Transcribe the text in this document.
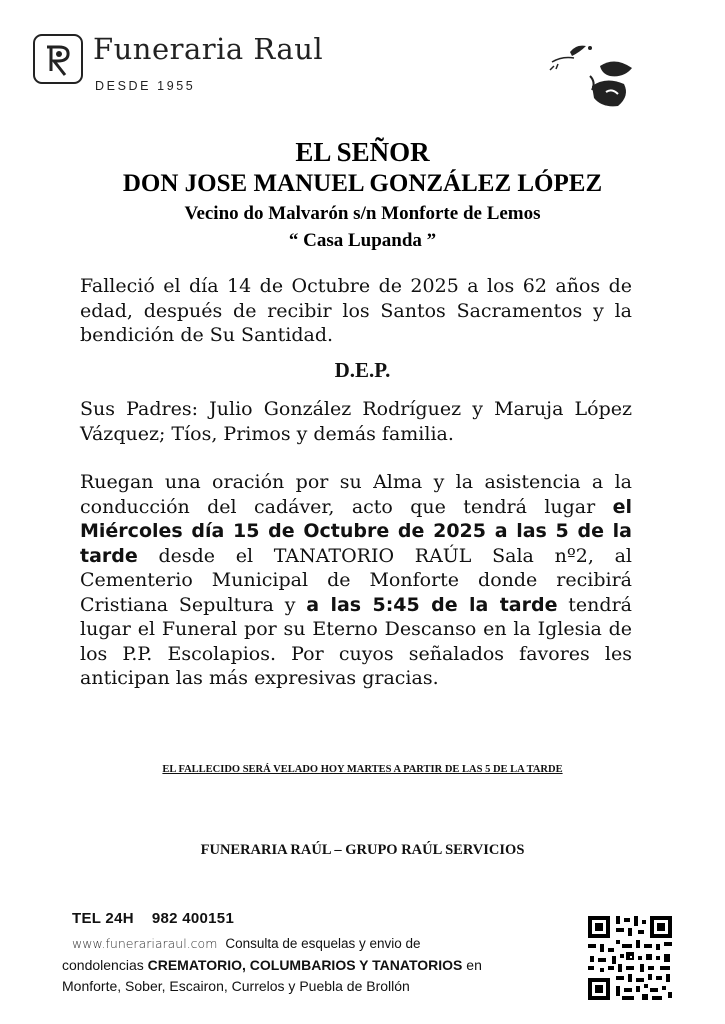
Funeraria Raul
DESDE 1955
EL SEÑOR
DON JOSE MANUEL GONZÁLEZ LÓPEZ
Vecino do Malvarón s/n Monforte de Lemos
“ Casa Lupanda ”
Falleció el día 14 de Octubre de 2025 a los 62 años de edad, después de recibir los Santos Sacramentos y la bendición de Su Santidad.
D.E.P.
Sus Padres: Julio González Rodríguez y Maruja López Vázquez; Tíos, Primos y demás familia.
Ruegan una oración por su Alma y la asistencia a la conducción del cadáver, acto que tendrá lugar el Miércoles día 15 de Octubre de 2025 a las 5 de la tarde desde el TANATORIO RAÚL Sala nº2, al Cementerio Municipal de Monforte donde recibirá Cristiana Sepultura y a las 5:45 de la tarde tendrá lugar el Funeral por su Eterno Descanso en la Iglesia de los P.P. Escolapios. Por cuyos señalados favores les anticipan las más expresivas gracias.
EL FALLECIDO SERÁ VELADO HOY MARTES A PARTIR DE LAS 5 DE LA TARDE
FUNERARIA RAÚL – GRUPO RAÚL SERVICIOS
TEL 24H 982 400151
www.funerariaraul.com Consulta de esquelas y envio de
condolencias CREMATORIO, COLUMBARIOS Y TANATORIOS en
Monforte, Sober, Escairon, Currelos y Puebla de Brollón
